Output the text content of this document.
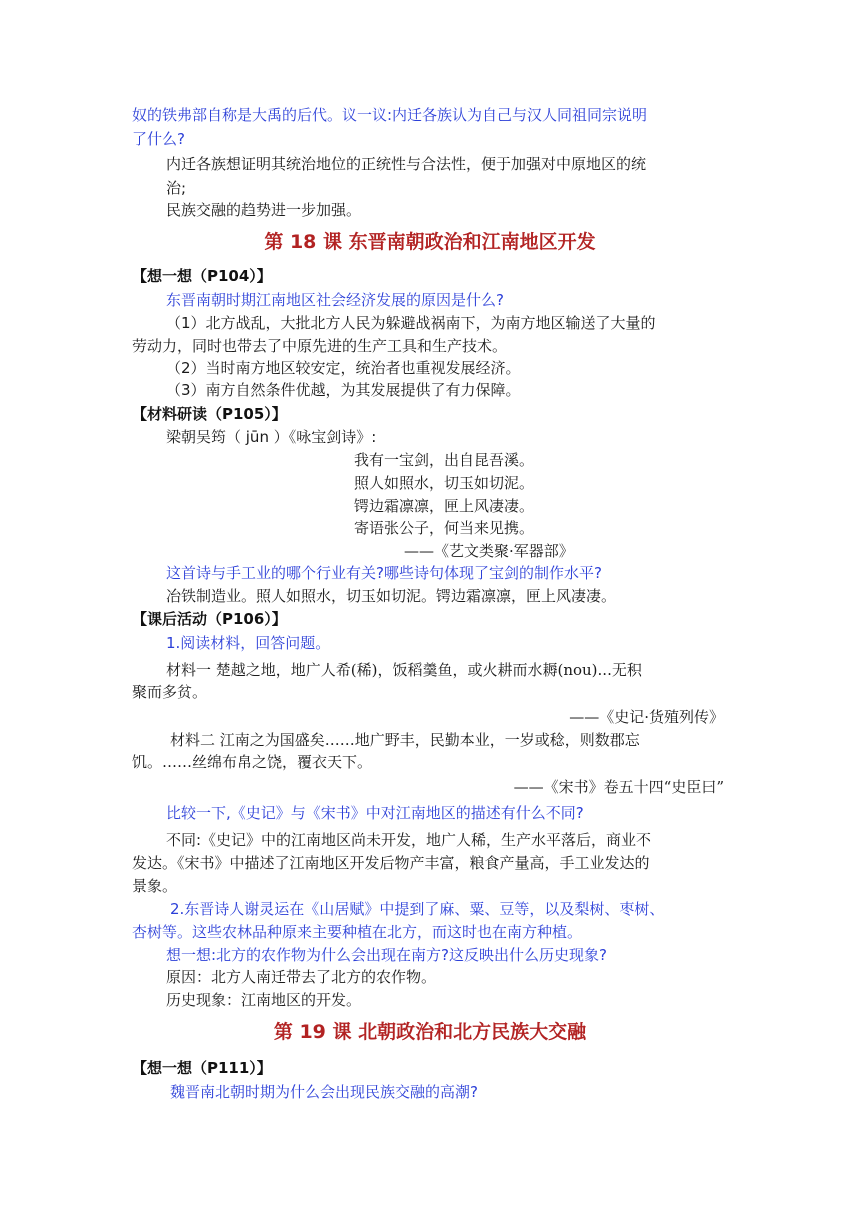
奴的铁弗部自称是大禹的后代。议一议:内迁各族认为自己与汉人同祖同宗说明
了什么?
内迁各族想证明其统治地位的正统性与合法性，便于加强对中原地区的统
治;
民族交融的趋势进一步加强。
第 18 课 东晋南朝政治和江南地区开发
【想一想（P104）】
东晋南朝时期江南地区社会经济发展的原因是什么?
（1）北方战乱，大批北方人民为躲避战祸南下，为南方地区输送了大量的
劳动力，同时也带去了中原先进的生产工具和生产技术。
（2）当时南方地区较安定，统治者也重视发展经济。
（3）南方自然条件优越，为其发展提供了有力保障。
【材料研读（P105）】
梁朝吴筠（ jūn ）《咏宝剑诗》:
我有一宝剑，出自昆吾溪。
照人如照水，切玉如切泥。
锷边霜凛凛，匣上风凄凄。
寄语张公子，何当来见携。
——《艺文类聚·军器部》
这首诗与手工业的哪个行业有关?哪些诗句体现了宝剑的制作水平?
冶铁制造业。照人如照水，切玉如切泥。锷边霜凛凛，匣上风凄凄。
【课后活动（P106）】
1.阅读材料，回答问题。
材料一 楚越之地，地广人希(稀)，饭稻羹鱼，或火耕而水耨(nou)...无积
聚而多贫。
——《史记·货殖列传》
材料二 江南之为国盛矣……地广野丰，民勤本业，一岁或稔，则数郡忘
饥。……丝绵布帛之饶，覆衣天下。
——《宋书》卷五十四“史臣曰”
比较一下,《史记》与《宋书》中对江南地区的描述有什么不同?
不同:《史记》中的江南地区尚未开发，地广人稀，生产水平落后，商业不
发达。《宋书》中描述了江南地区开发后物产丰富，粮食产量高，手工业发达的
景象。
2.东晋诗人谢灵运在《山居赋》中提到了麻、粟、豆等，以及梨树、枣树、
杏树等。这些农林品种原来主要种植在北方，而这时也在南方种植。
想一想:北方的农作物为什么会出现在南方?这反映出什么历史现象?
原因：北方人南迁带去了北方的农作物。
历史现象：江南地区的开发。
第 19 课 北朝政治和北方民族大交融
【想一想（P111）】
魏晋南北朝时期为什么会出现民族交融的高潮?
